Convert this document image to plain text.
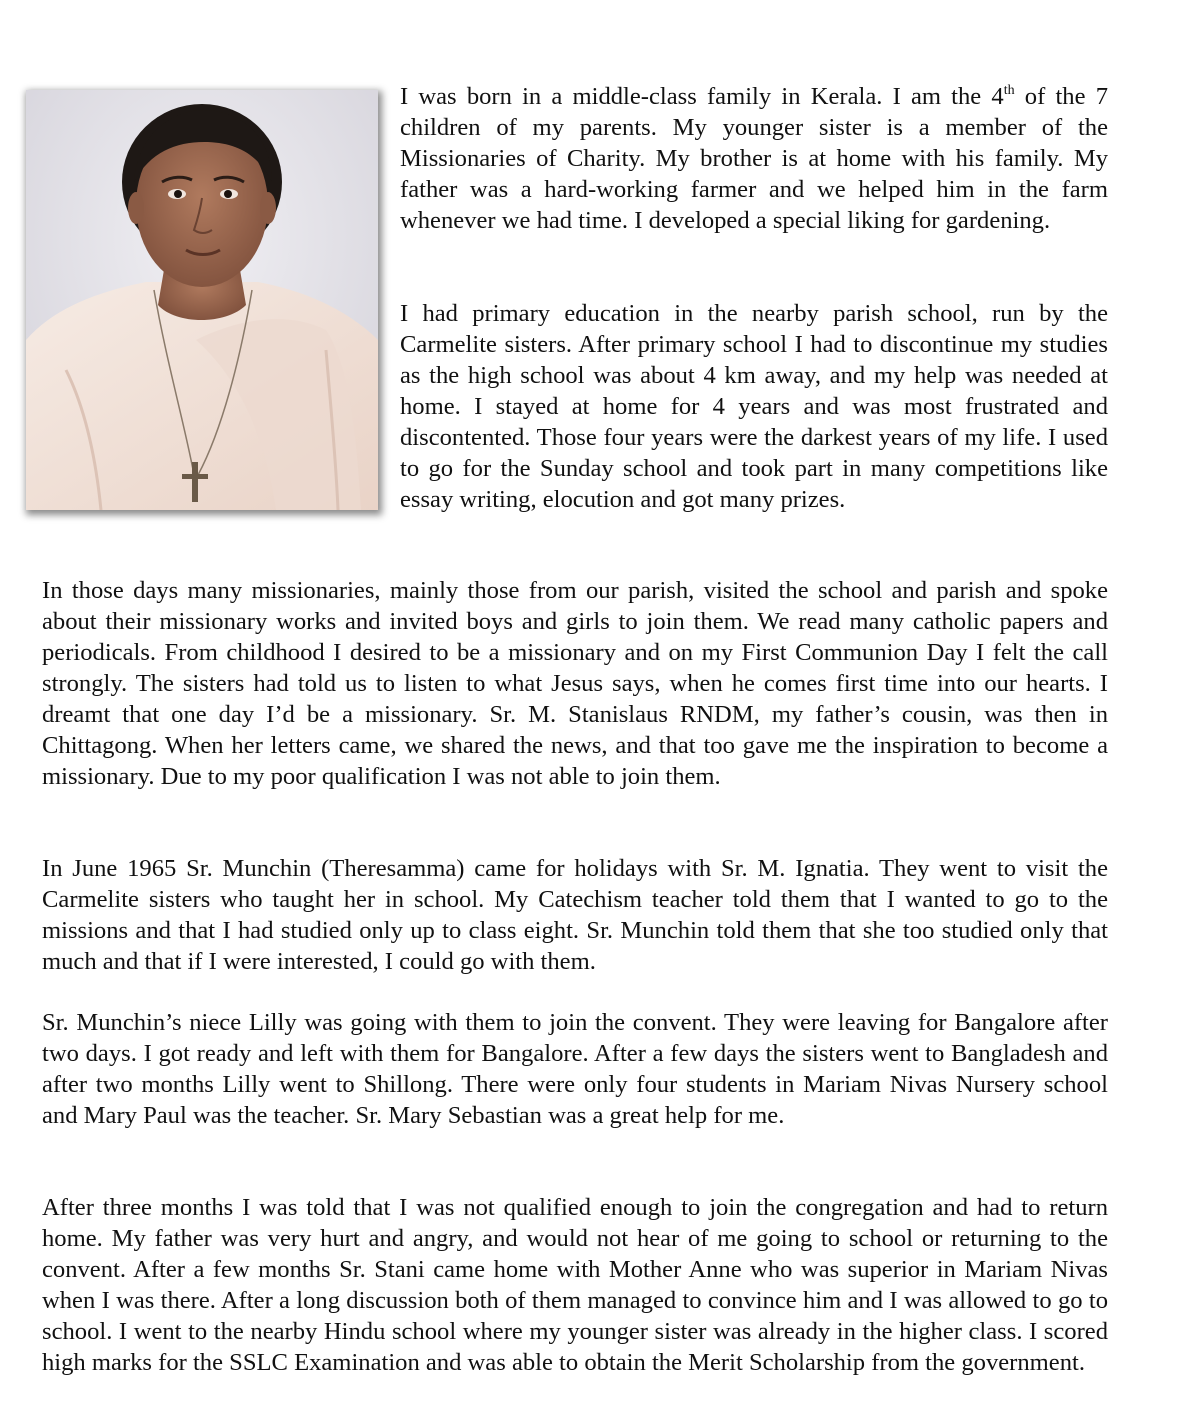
I was born in a middle-class family in Kerala. I am the 4th of the 7 children of my parents. My younger sister is a member of the Missionaries of Charity. My brother is at home with his family. My father was a hard-working farmer and we helped him in the farm whenever we had time. I developed a special liking for gardening.

I had primary education in the nearby parish school, run by the Carmelite sisters. After primary school I had to discontinue my studies as the high school was about 4 km away, and my help was needed at home. I stayed at home for 4 years and was most frustrated and discontented. Those four years were the darkest years of my life. I used to go for the Sunday school and took part in many competitions like essay writing, elocution and got many prizes.

In those days many missionaries, mainly those from our parish, visited the school and parish and spoke about their missionary works and invited boys and girls to join them. We read many catholic papers and periodicals. From childhood I desired to be a missionary and on my First Communion Day I felt the call strongly. The sisters had told us to listen to what Jesus says, when he comes first time into our hearts. I dreamt that one day I’d be a missionary. Sr. M. Stanislaus RNDM, my father’s cousin, was then in Chittagong. When her letters came, we shared the news, and that too gave me the inspiration to become a missionary. Due to my poor qualification I was not able to join them.

In June 1965 Sr. Munchin (Theresamma) came for holidays with Sr. M. Ignatia. They went to visit the Carmelite sisters who taught her in school. My Catechism teacher told them that I wanted to go to the missions and that I had studied only up to class eight. Sr. Munchin told them that she too studied only that much and that if I were interested, I could go with them.

Sr. Munchin’s niece Lilly was going with them to join the convent. They were leaving for Bangalore after two days. I got ready and left with them for Bangalore. After a few days the sisters went to Bangladesh and after two months Lilly went to Shillong. There were only four students in Mariam Nivas Nursery school and Mary Paul was the teacher. Sr. Mary Sebastian was a great help for me.

After three months I was told that I was not qualified enough to join the congregation and had to return home. My father was very hurt and angry, and would not hear of me going to school or returning to the convent. After a few months Sr. Stani came home with Mother Anne who was superior in Mariam Nivas when I was there. After a long discussion both of them managed to convince him and I was allowed to go to school. I went to the nearby Hindu school where my younger sister was already in the higher class. I scored high marks for the SSLC Examination and was able to obtain the Merit Scholarship from the government.
